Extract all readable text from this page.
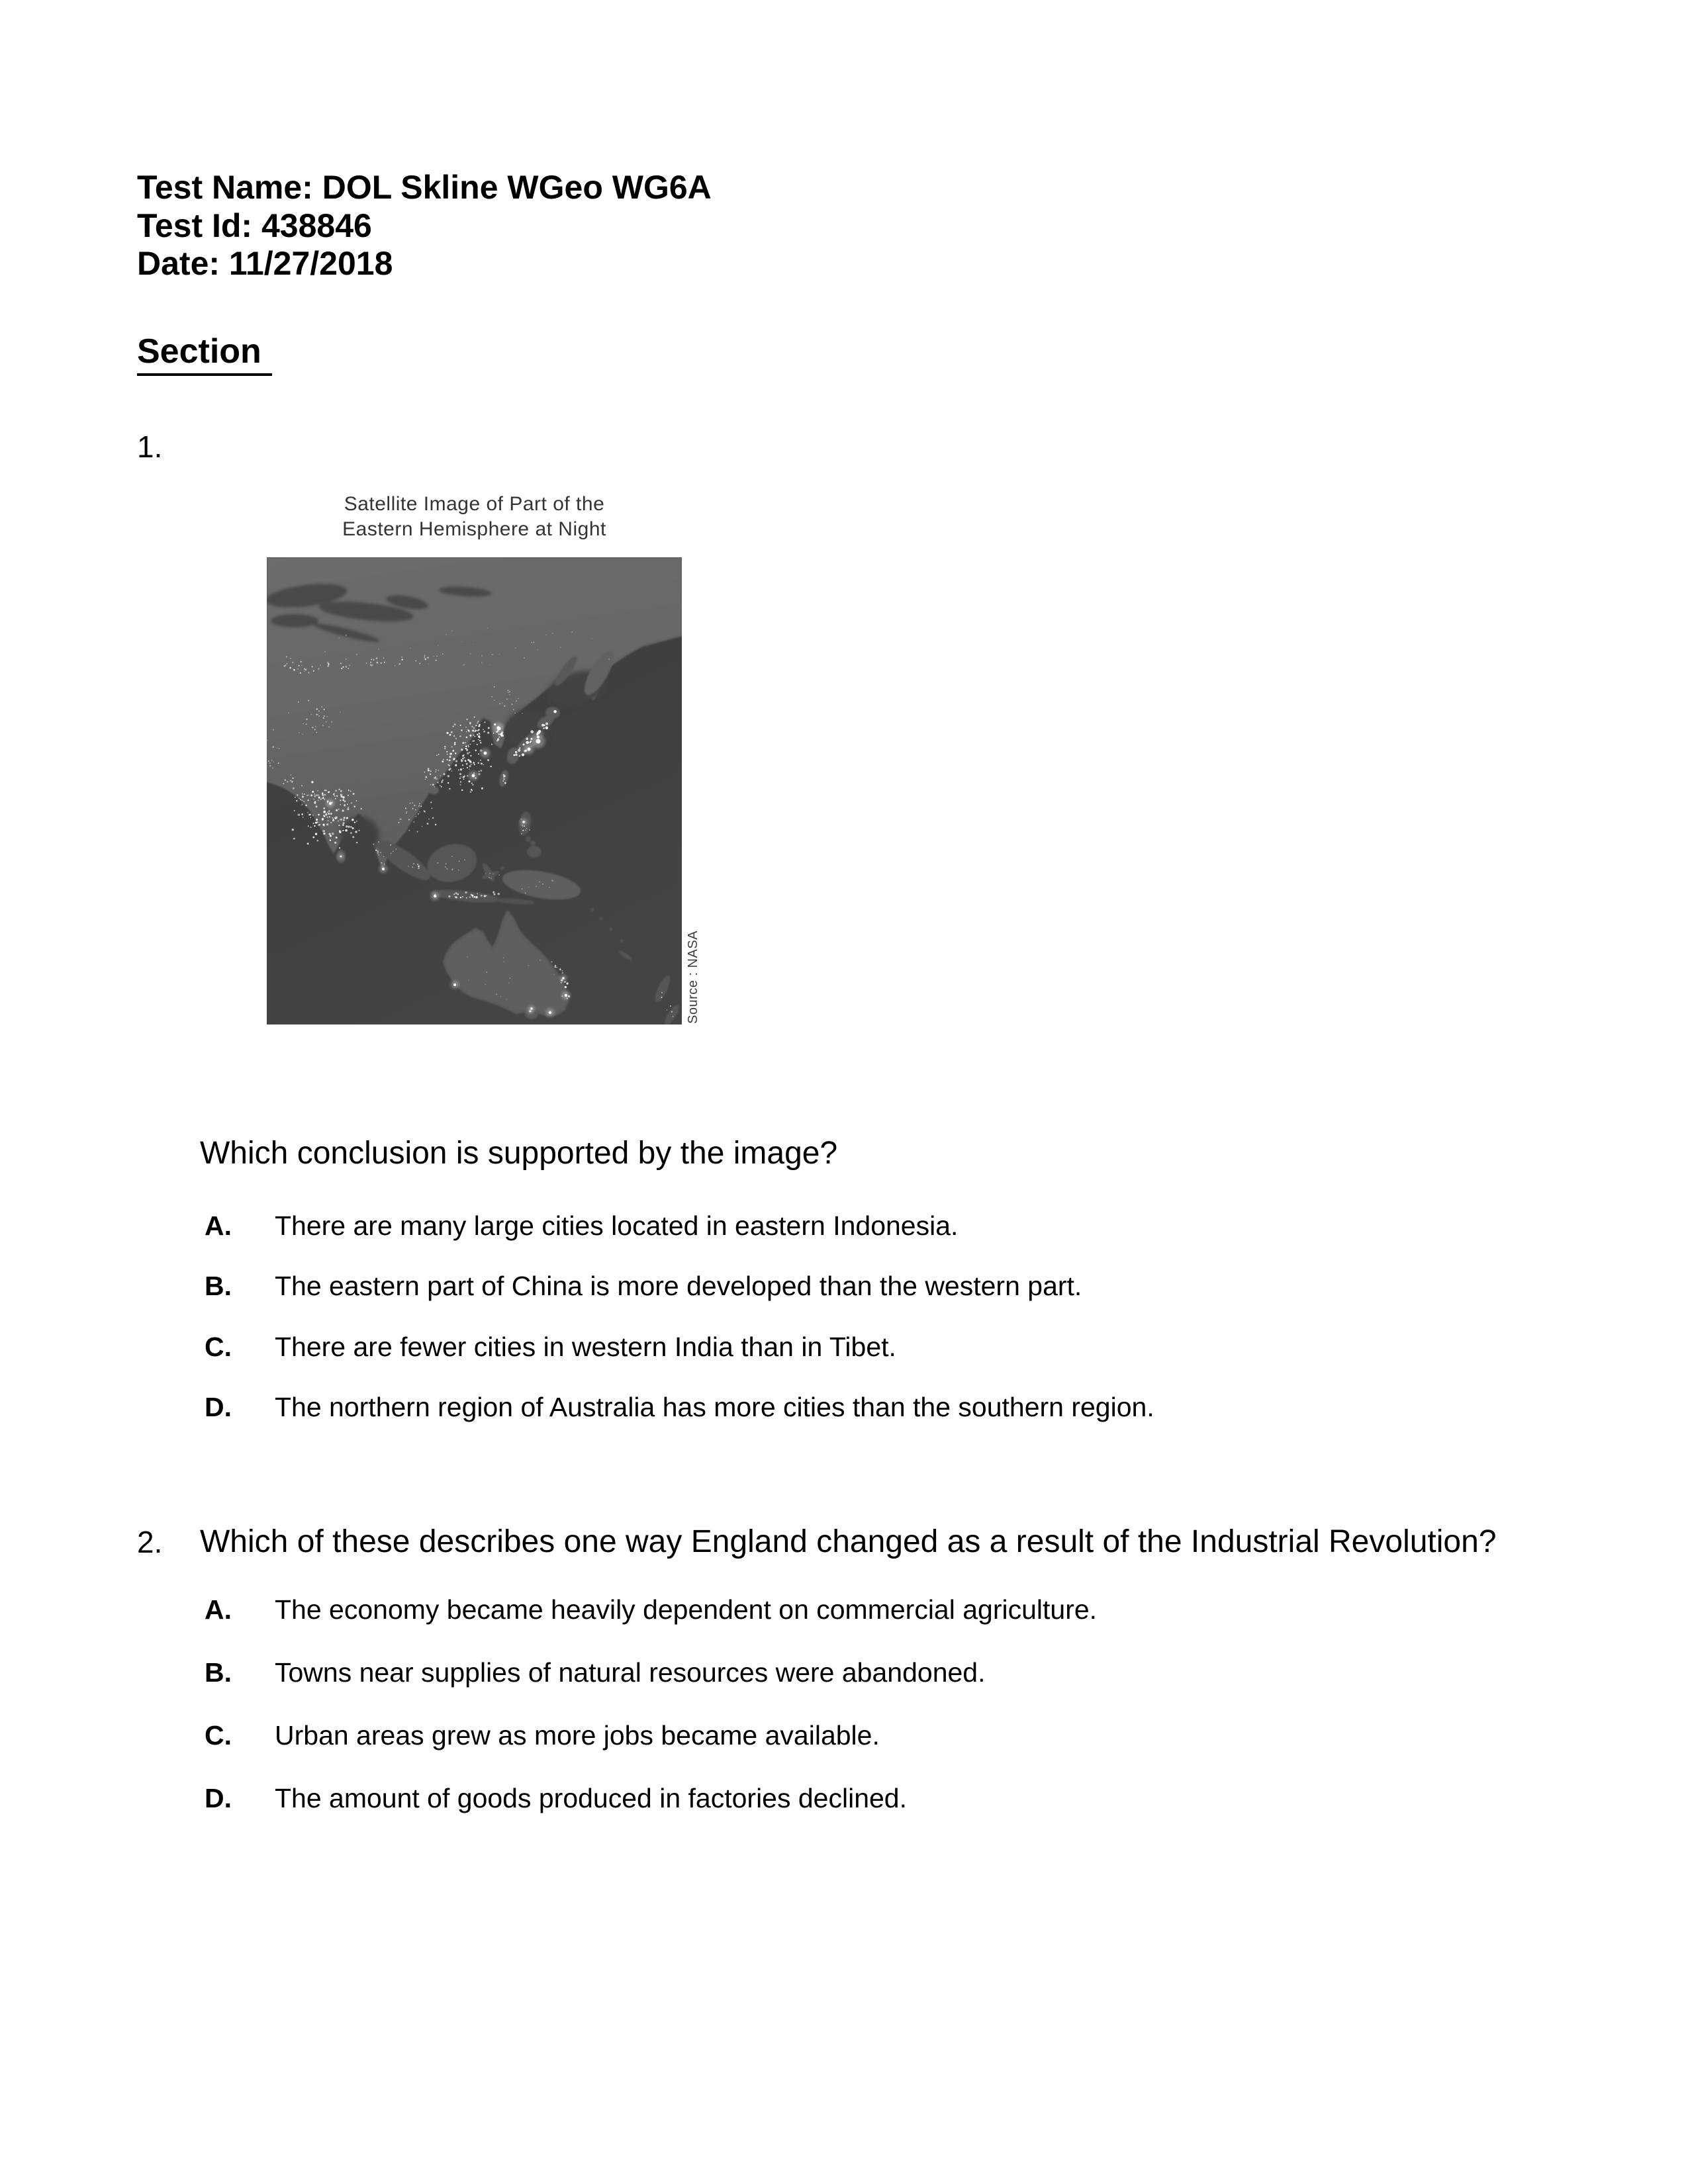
Test Name: DOL Skline WGeo WG6A
Test Id: 438846
Date: 11/27/2018
Section
1.
Satellite Image of Part of the
Eastern Hemisphere at Night
Source : NASA
Which conclusion is supported by the image?
A. There are many large cities located in eastern Indonesia.
B. The eastern part of China is more developed than the western part.
C. There are fewer cities in western India than in Tibet.
D. The northern region of Australia has more cities than the southern region.
2. Which of these describes one way England changed as a result of the Industrial Revolution?
A. The economy became heavily dependent on commercial agriculture.
B. Towns near supplies of natural resources were abandoned.
C. Urban areas grew as more jobs became available.
D. The amount of goods produced in factories declined.
